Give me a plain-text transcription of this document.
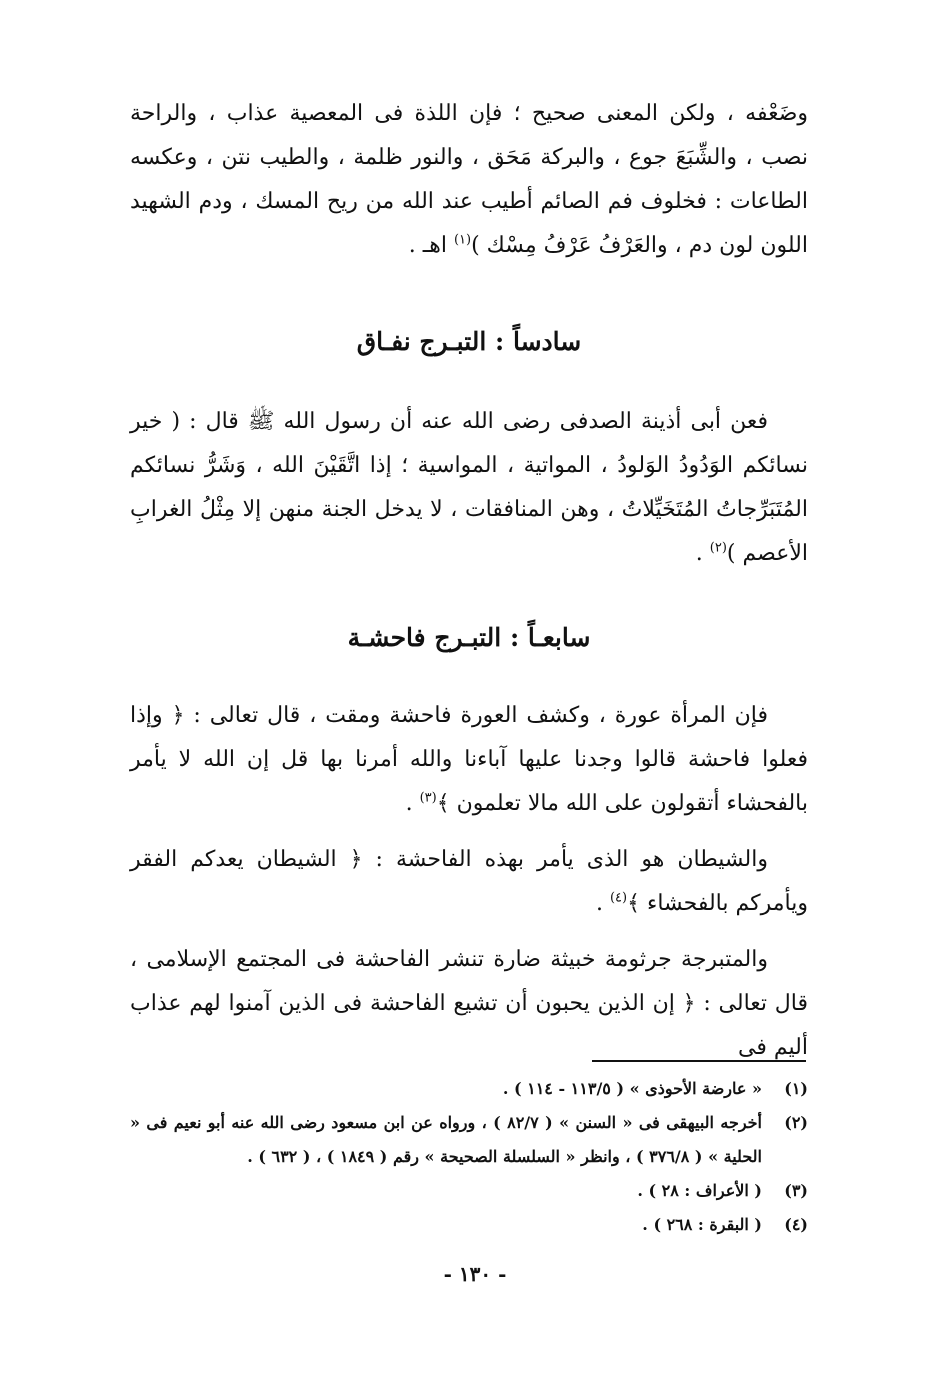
وضَعْفه ، ولكن المعنى صحيح ؛ فإن اللذة فى المعصية عذاب ، والراحة نصب ، والشِّبَعَ جوع ، والبركة مَحَق ، والنور ظلمة ، والطيب نتن ، وعكسه الطاعات : فخلوف فم الصائم أطيب عند الله من ريح المسك ، ودم الشهيد اللون لون دم ، والعَرْفُ عَرْفُ مِسْك )$^{(١)}$ اهـ .

سادساً : التبـرج نفـاق

فعن أبى أذينة الصدفى رضى الله عنه أن رسول الله ﷺ قال : ( خير نسائكم الوَدُودُ الوَلودُ ، المواتية ، المواسية ؛ إذا اتَّقَيْنَ الله ، وَشَرُّ نسائكم المُتَبَرِّجاتُ المُتَخَيِّلاتُ ، وهن المنافقات ، لا يدخل الجنة منهن إلا مِثْلُ الغرابِ الأعصم )$^{(٢)}$ .

سابعـاً : التبـرج فاحشـة

فإن المرأة عورة ، وكشف العورة فاحشة ومقت ، قال تعالى : ﴿ وإذا فعلوا فاحشة قالوا وجدنا عليها آباءنا والله أمرنا بها قل إن الله لا يأمر بالفحشاء أتقولون على الله مالا تعلمون ﴾$^{(٣)}$ .

والشيطان هو الذى يأمر بهذه الفاحشة : ﴿ الشيطان يعدكم الفقر ويأمركم بالفحشاء ﴾$^{(٤)}$ .

والمتبرجة جرثومة خبيثة ضارة تنشر الفاحشة فى المجتمع الإسلامى ، قال تعالى : ﴿ إن الذين يحبون أن تشيع الفاحشة فى الذين آمنوا لهم عذاب أليم فى

(١)
« عارضة الأحوذى » ( ١١٣/٥ - ١١٤ ) .
(٢)
أخرجه البيهقى فى « السنن » ( ٨٢/٧ ) ، ورواه عن ابن مسعود رضى الله عنه أبو نعيم فى « الحلية » ( ٣٧٦/٨ ) ، وانظر « السلسلة الصحيحة » رقم ( ١٨٤٩ ) ، ( ٦٣٢ ) .
(٣)
( الأعراف : ٢٨ ) .
(٤)
( البقرة : ٢٦٨ ) .
- ١٣٠ -
